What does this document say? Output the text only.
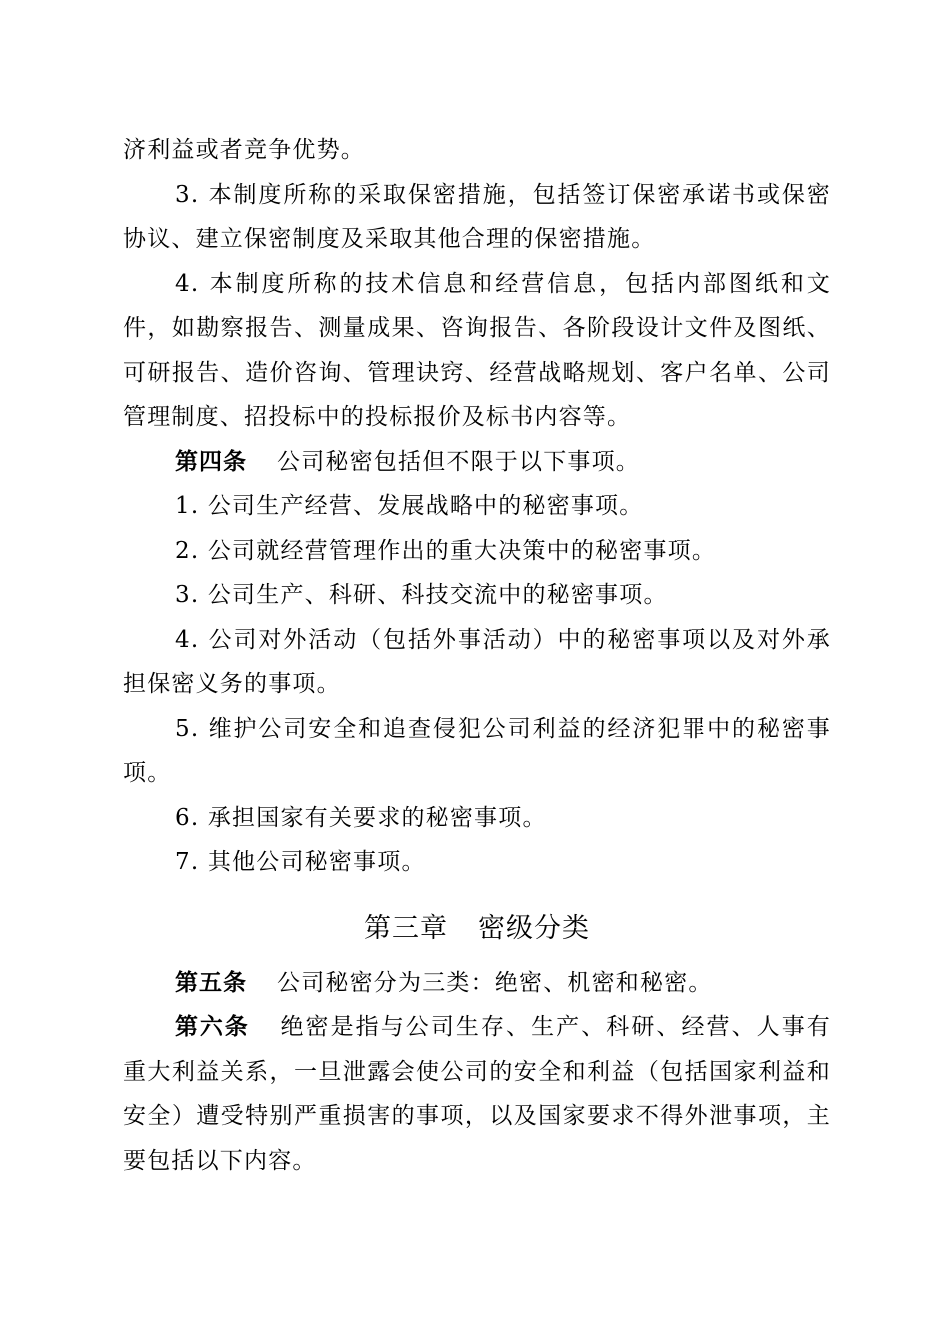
济利益或者竞争优势。

3. 本制度所称的采取保密措施，包括签订保密承诺书或保密协议、建立保密制度及采取其他合理的保密措施。

4. 本制度所称的技术信息和经营信息，包括内部图纸和文件，如勘察报告、测量成果、咨询报告、各阶段设计文件及图纸、可研报告、造价咨询、管理诀窍、经营战略规划、客户名单、公司管理制度、招投标中的投标报价及标书内容等。

第四条 公司秘密包括但不限于以下事项。

1. 公司生产经营、发展战略中的秘密事项。

2. 公司就经营管理作出的重大决策中的秘密事项。

3. 公司生产、科研、科技交流中的秘密事项。

4. 公司对外活动（包括外事活动）中的秘密事项以及对外承担保密义务的事项。

5. 维护公司安全和追查侵犯公司利益的经济犯罪中的秘密事项。

6. 承担国家有关要求的秘密事项。

7. 其他公司秘密事项。

第三章 密级分类

第五条 公司秘密分为三类：绝密、机密和秘密。

第六条 绝密是指与公司生存、生产、科研、经营、人事有重大利益关系，一旦泄露会使公司的安全和利益（包括国家利益和安全）遭受特别严重损害的事项，以及国家要求不得外泄事项，主要包括以下内容。
